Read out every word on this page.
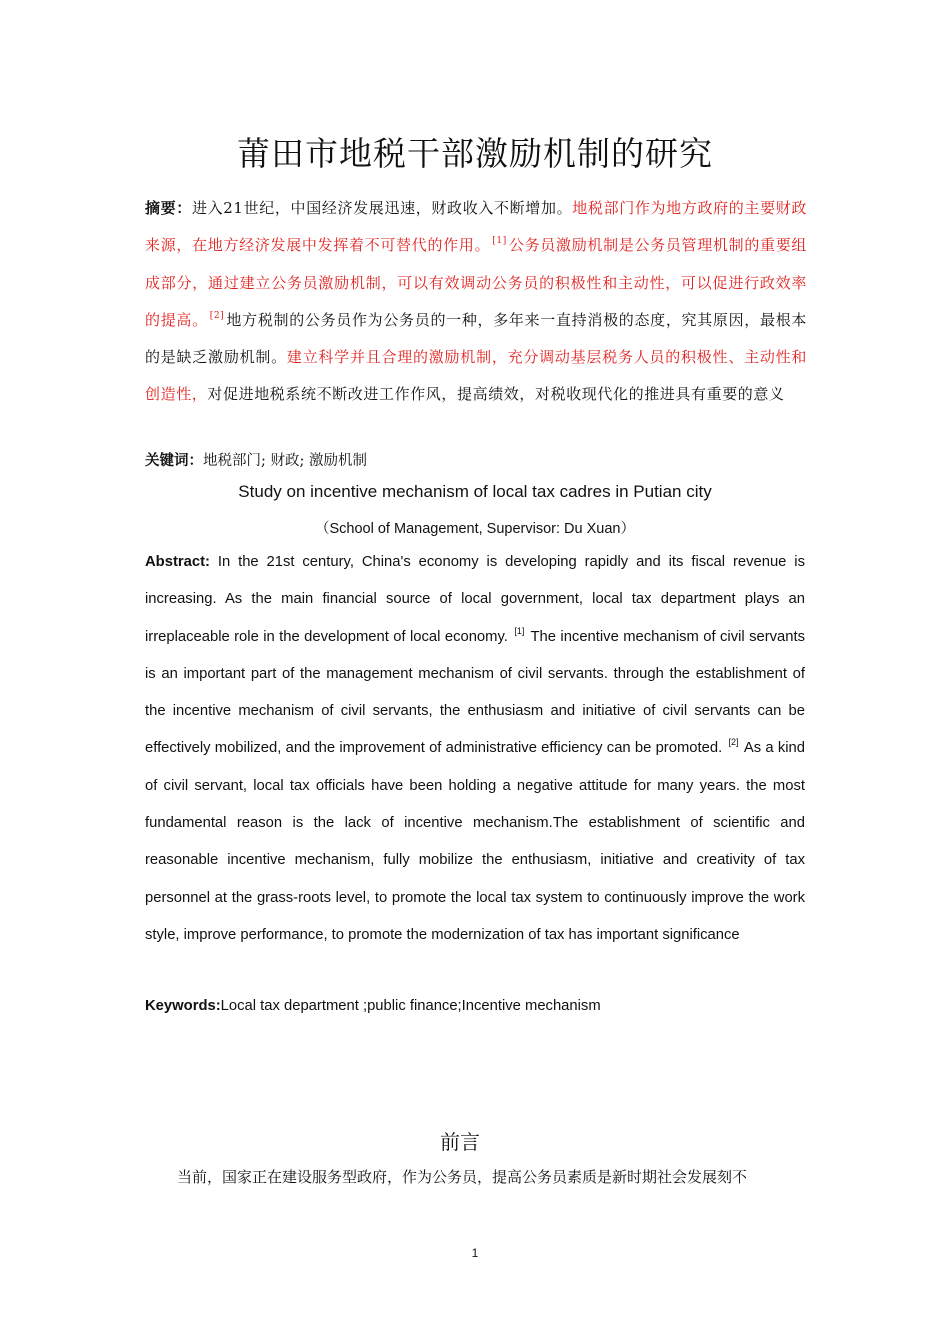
莆田市地税干部激励机制的研究
摘要：进入21世纪，中国经济发展迅速，财政收入不断增加。地税部门作为地方政府的主要财政来源，在地方经济发展中发挥着不可替代的作用。 [1] 公务员激励机制是公务员管理机制的重要组成部分，通过建立公务员激励机制，可以有效调动公务员的积极性和主动性，可以促进行政效率的提高。 [2] 地方税制的公务员作为公务员的一种，多年来一直持消极的态度，究其原因，最根本的是缺乏激励机制。建立科学并且合理的激励机制，充分调动基层税务人员的积极性、主动性和创造性，对促进地税系统不断改进工作作风，提高绩效，对税收现代化的推进具有重要的意义
关键词：地税部门; 财政; 激励机制
Study on incentive mechanism of local tax cadres in Putian city
（School of Management, Supervisor: Du Xuan）
Abstract: In the 21st century, China's economy is developing rapidly and its fiscal revenue is increasing. As the main financial source of local government, local tax department plays an irreplaceable role in the development of local economy. [1] The incentive mechanism of civil servants is an important part of the management mechanism of civil servants. through the establishment of the incentive mechanism of civil servants, the enthusiasm and initiative of civil servants can be effectively mobilized, and the improvement of administrative efficiency can be promoted. [2] As a kind of civil servant, local tax officials have been holding a negative attitude for many years. the most fundamental reason is the lack of incentive mechanism.The establishment of scientific and reasonable incentive mechanism, fully mobilize the enthusiasm, initiative and creativity of tax personnel at the grass-roots level, to promote the local tax system to continuously improve the work style, improve performance, to promote the modernization of tax has important significance
Keywords:Local tax department ;public finance;Incentive mechanism
前言
当前，国家正在建设服务型政府，作为公务员，提高公务员素质是新时期社会发展刻不
1
